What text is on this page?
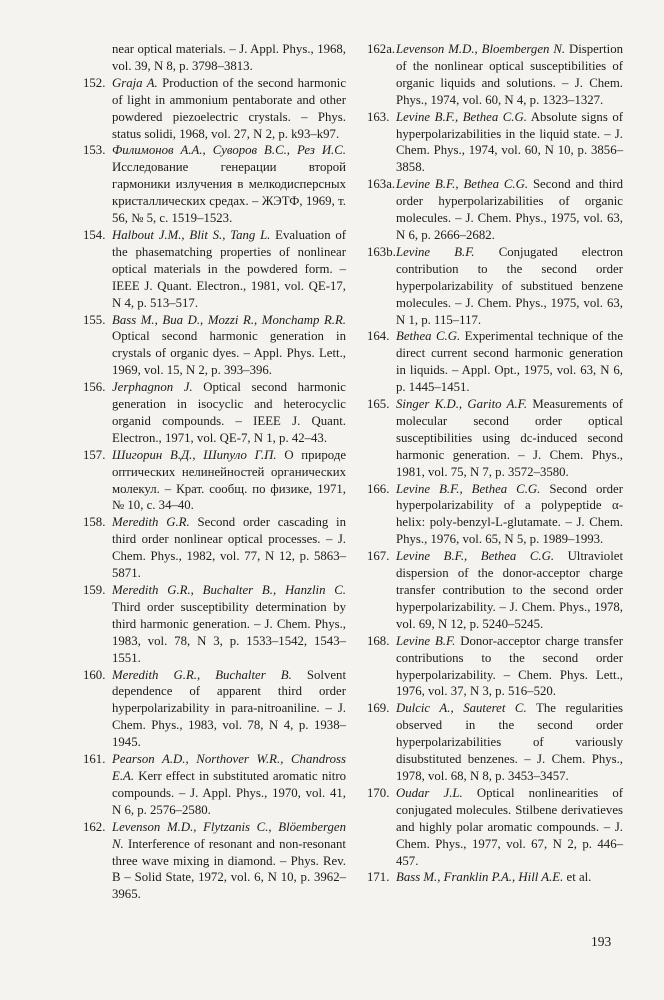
near optical materials. – J. Appl. Phys., 1968, vol. 39, N 8, p. 3798–3813.

152. Graja A. Production of the second harmonic of light in ammonium pentaborate and other powdered piezoelectric crystals. – Phys. status solidi, 1968, vol. 27, N 2, p. k93–k97.

153. Филимонов А.А., Суворов В.С., Рез И.С. Исследование генерации второй гармоники излучения в мелкодисперсных кристаллических средах. – ЖЭТФ, 1969, т. 56, № 5, с. 1519–1523.

154. Halbout J.M., Blit S., Tang L. Evaluation of the phasematching properties of nonlinear optical materials in the powdered form. – IEEE J. Quant. Electron., 1981, vol. QE-17, N 4, p. 513–517.

155. Bass M., Bua D., Mozzi R., Monchamp R.R. Optical second harmonic generation in crystals of organic dyes. – Appl. Phys. Lett., 1969, vol. 15, N 2, p. 393–396.

156. Jerphagnon J. Optical second harmonic generation in isocyclic and heterocyclic organid compounds. – IEEE J. Quant. Electron., 1971, vol. QE-7, N 1, p. 42–43.

157. Шигорин В.Д., Шипуло Г.П. О природе оптических нелинейностей органических молекул. – Крат. сообщ. по физике, 1971, № 10, с. 34–40.

158. Meredith G.R. Second order cascading in third order nonlinear optical processes. – J. Chem. Phys., 1982, vol. 77, N 12, p. 5863–5871.

159. Meredith G.R., Buchalter B., Hanzlin C. Third order susceptibility determination by third harmonic generation. – J. Chem. Phys., 1983, vol. 78, N 3, p. 1533–1542, 1543–1551.

160. Meredith G.R., Buchalter B. Solvent dependence of apparent third order hyperpolarizability in para-nitroaniline. – J. Chem. Phys., 1983, vol. 78, N 4, p. 1938–1945.

161. Pearson A.D., Northover W.R., Chandross E.A. Kerr effect in substituted aromatic nitro compounds. – J. Appl. Phys., 1970, vol. 41, N 6, p. 2576–2580.

162. Levenson M.D., Flytzanis C., Blöembergen N. Interference of resonant and non-resonant three wave mixing in diamond. – Phys. Rev. B – Solid State, 1972, vol. 6, N 10, p. 3962–3965.

162a. Levenson M.D., Bloembergen N. Dispertion of the nonlinear optical susceptibilities of organic liquids and solutions. – J. Chem. Phys., 1974, vol. 60, N 4, p. 1323–1327.

163. Levine B.F., Bethea C.G. Absolute signs of hyperpolarizabilities in the liquid state. – J. Chem. Phys., 1974, vol. 60, N 10, p. 3856–3858.

163a. Levine B.F., Bethea C.G. Second and third order hyperpolarizabilities of organic molecules. – J. Chem. Phys., 1975, vol. 63, N 6, p. 2666–2682.

163b. Levine B.F. Conjugated electron contribution to the second order hyperpolarizability of substitued benzene molecules. – J. Chem. Phys., 1975, vol. 63, N 1, p. 115–117.

164. Bethea C.G. Experimental technique of the direct current second harmonic generation in liquids. – Appl. Opt., 1975, vol. 63, N 6, p. 1445–1451.

165. Singer K.D., Garito A.F. Measurements of molecular second order optical susceptibilities using dc-induced second harmonic generation. – J. Chem. Phys., 1981, vol. 75, N 7, p. 3572–3580.

166. Levine B.F., Bethea C.G. Second order hyperpolarizability of a polypeptide α-helix: poly-benzyl-L-glutamate. – J. Chem. Phys., 1976, vol. 65, N 5, p. 1989–1993.

167. Levine B.F., Bethea C.G. Ultraviolet dispersion of the donor-acceptor charge transfer contribution to the second order hyperpolarizability. – J. Chem. Phys., 1978, vol. 69, N 12, p. 5240–5245.

168. Levine B.F. Donor-acceptor charge transfer contributions to the second order hyperpolarizability. – Chem. Phys. Lett., 1976, vol. 37, N 3, p. 516–520.

169. Dulcic A., Sauteret C. The regularities observed in the second order hyperpolarizabilities of variously disubstituted benzenes. – J. Chem. Phys., 1978, vol. 68, N 8, p. 3453–3457.

170. Oudar J.L. Optical nonlinearities of conjugated molecules. Stilbene derivatieves and highly polar aromatic compounds. – J. Chem. Phys., 1977, vol. 67, N 2, p. 446–457.

171. Bass M., Franklin P.A., Hill A.E. et al.

193
